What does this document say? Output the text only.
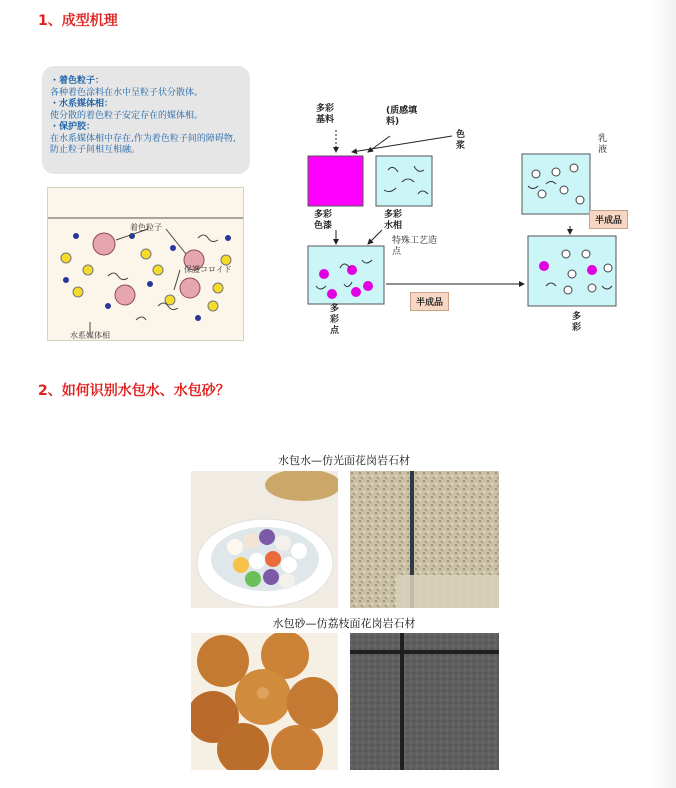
1、成型机理
・着色粒子：
各种着色涂料在水中呈粒子状分散体。
・水系媒体相：
使分散的着色粒子安定存在的媒体相。
・保护胶：
在水系媒体相中存在,作为着色粒子间的障碍物,防止粒子间相互相融。
着色粒子
保護コロイド
水系媒体相
多彩
基料
(质感填
料)
色
浆
乳
液
多彩
色漆
多彩
水相
特殊工艺造
点
半成品
半成品
多
彩
点
多
彩
2、如何识别水包水、水包砂？
水包水—仿光面花岗岩石材
水包砂—仿荔枝面花岗岩石材
